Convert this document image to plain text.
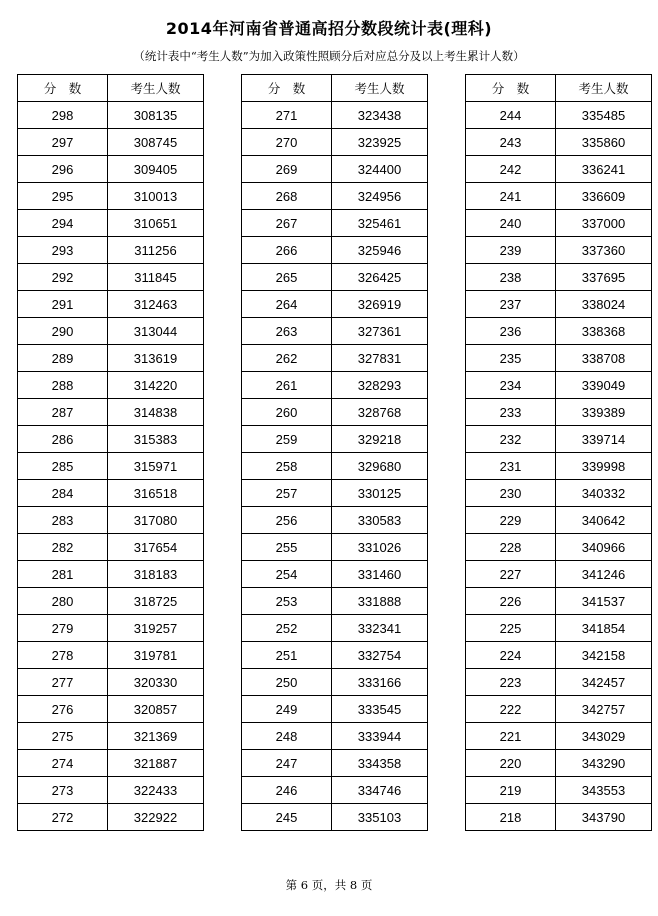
2014年河南省普通高招分数段统计表(理科)
（统计表中“考生人数”为加入政策性照顾分后对应总分及以上考生累计人数）
分　数	考生人数
298	308135
297	308745
296	309405
295	310013
294	310651
293	311256
292	311845
291	312463
290	313044
289	313619
288	314220
287	314838
286	315383
285	315971
284	316518
283	317080
282	317654
281	318183
280	318725
279	319257
278	319781
277	320330
276	320857
275	321369
274	321887
273	322433
272	322922
分　数	考生人数
271	323438
270	323925
269	324400
268	324956
267	325461
266	325946
265	326425
264	326919
263	327361
262	327831
261	328293
260	328768
259	329218
258	329680
257	330125
256	330583
255	331026
254	331460
253	331888
252	332341
251	332754
250	333166
249	333545
248	333944
247	334358
246	334746
245	335103
分　数	考生人数
244	335485
243	335860
242	336241
241	336609
240	337000
239	337360
238	337695
237	338024
236	338368
235	338708
234	339049
233	339389
232	339714
231	339998
230	340332
229	340642
228	340966
227	341246
226	341537
225	341854
224	342158
223	342457
222	342757
221	343029
220	343290
219	343553
218	343790
第 6 页，共 8 页
